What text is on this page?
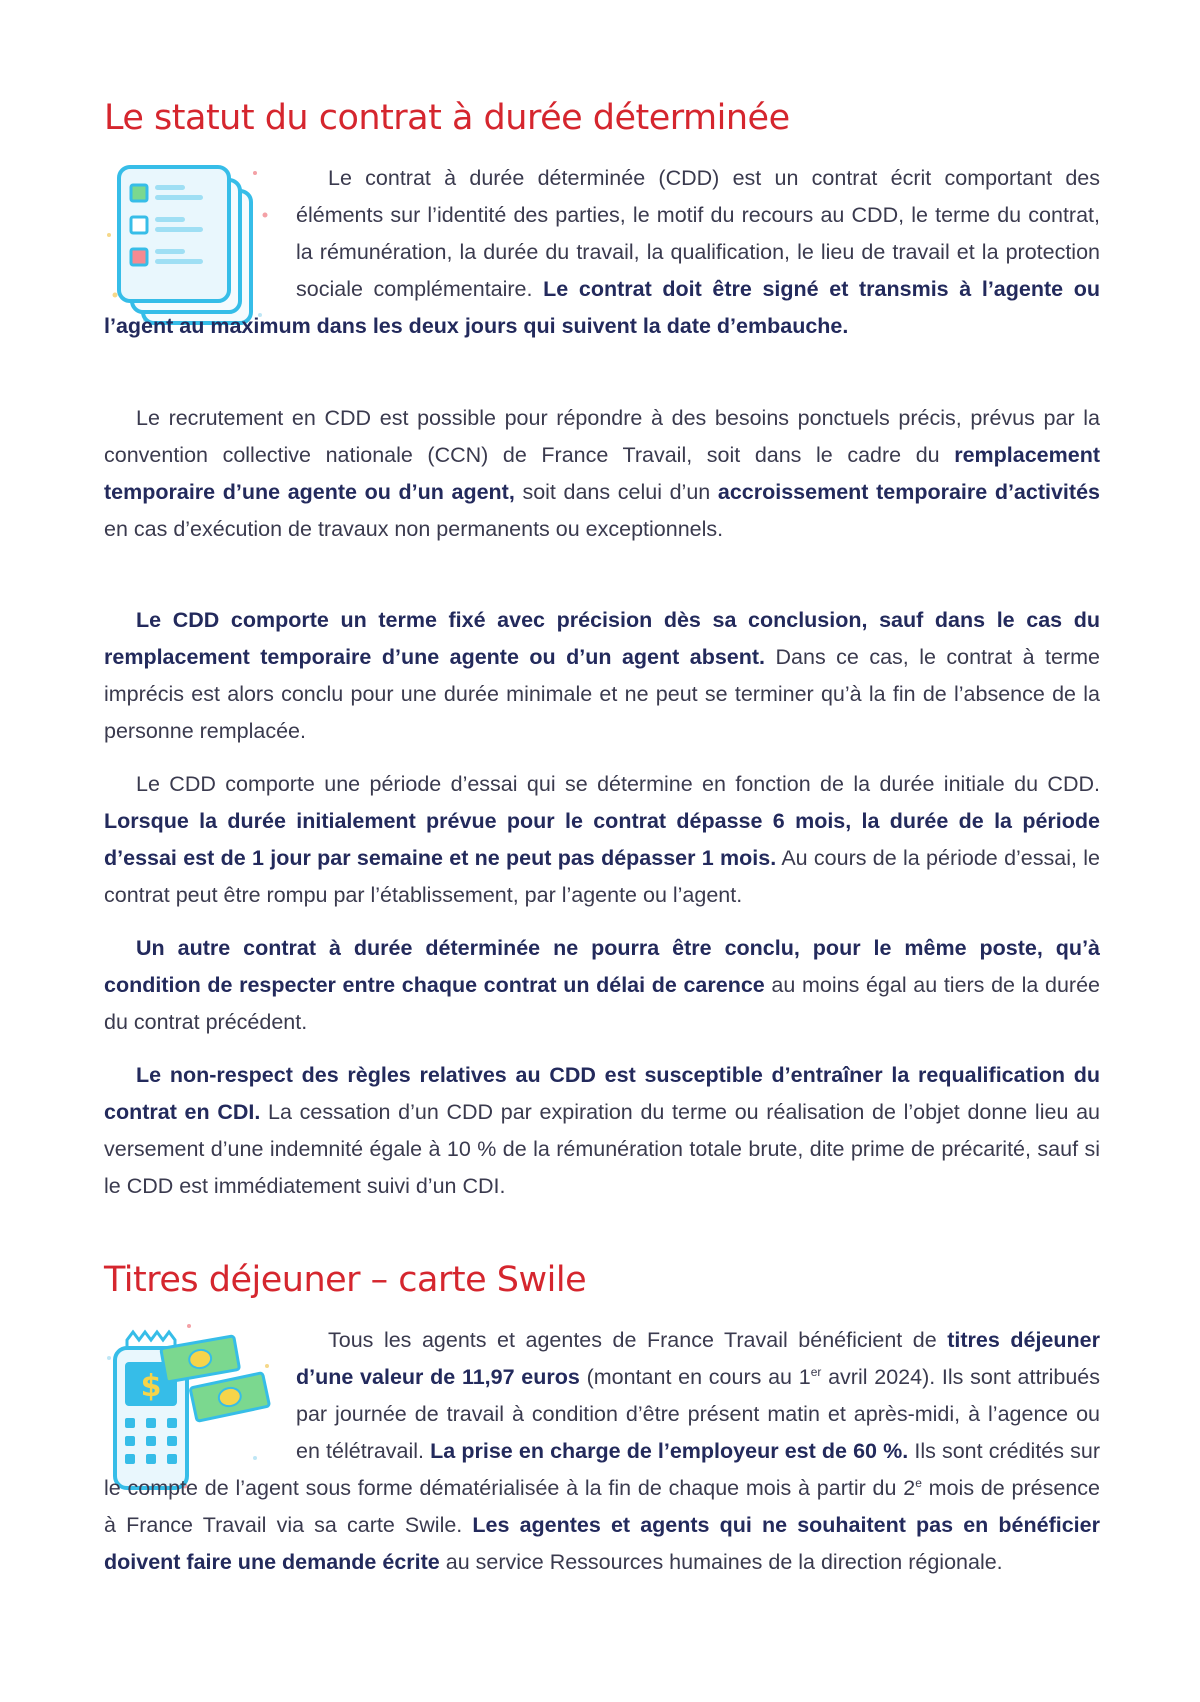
Le statut du contrat à durée déterminée

Le contrat à durée déterminée (CDD) est un contrat écrit comportant des éléments sur l’identité des parties, le motif du recours au CDD, le terme du contrat, la rémunération, la durée du travail, la qualification, le lieu de travail et la protection sociale complémentaire. Le contrat doit être signé et transmis à l’agente ou l’agent au maximum dans les deux jours qui suivent la date d’embauche.

Le recrutement en CDD est possible pour répondre à des besoins ponctuels précis, prévus par la convention collective nationale (CCN) de France Travail, soit dans le cadre du remplacement temporaire d’une agente ou d’un agent, soit dans celui d’un accroissement temporaire d’activités en cas d’exécution de travaux non permanents ou exceptionnels.

Le CDD comporte un terme fixé avec précision dès sa conclusion, sauf dans le cas du remplacement temporaire d’une agente ou d’un agent absent. Dans ce cas, le contrat à terme imprécis est alors conclu pour une durée minimale et ne peut se terminer qu’à la fin de l’absence de la personne remplacée.

Le CDD comporte une période d’essai qui se détermine en fonction de la durée initiale du CDD. Lorsque la durée initialement prévue pour le contrat dépasse 6 mois, la durée de la période d’essai est de 1 jour par semaine et ne peut pas dépasser 1 mois. Au cours de la période d’essai, le contrat peut être rompu par l’établissement, par l’agente ou l’agent.

Un autre contrat à durée déterminée ne pourra être conclu, pour le même poste, qu’à condition de respecter entre chaque contrat un délai de carence au moins égal au tiers de la durée du contrat précédent.

Le non-respect des règles relatives au CDD est susceptible d’entraîner la requalification du contrat en CDI. La cessation d’un CDD par expiration du terme ou réalisation de l’objet donne lieu au versement d’une indemnité égale à 10 % de la rémunération totale brute, dite prime de précarité, sauf si le CDD est immédiatement suivi d’un CDI.

Titres déjeuner – carte Swile
$

Tous les agents et agentes de France Travail bénéficient de titres déjeuner d’une valeur de 11,97 euros (montant en cours au 1er avril 2024). Ils sont attribués par journée de travail à condition d’être présent matin et après-midi, à l’agence ou en télétravail. La prise en charge de l’employeur est de 60 %. Ils sont crédités sur le compte de l’agent sous forme dématérialisée à la fin de chaque mois à partir du 2e mois de présence à France Travail via sa carte Swile. Les agentes et agents qui ne souhaitent pas en bénéficier doivent faire une demande écrite au service Ressources humaines de la direction régionale.
